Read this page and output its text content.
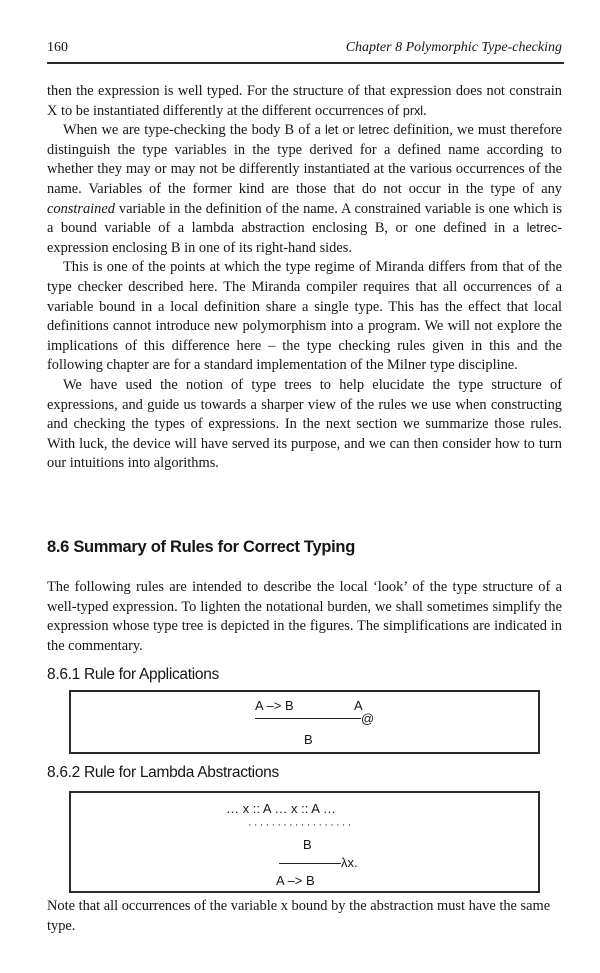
160	Chapter 8 Polymorphic Type-checking

then the expression is well typed. For the structure of that expression does not constrain X to be instantiated differently at the different occurrences of prxl.

When we are type-checking the body B of a let or letrec definition, we must therefore distinguish the type variables in the type derived for a defined name according to whether they may or may not be differently instantiated at the various occurrences of the name. Variables of the former kind are those that do not occur in the type of any constrained variable in the definition of the name. A constrained variable is one which is a bound variable of a lambda abstraction enclosing B, or one defined in a letrec-expression enclosing B in one of its right-hand sides.

This is one of the points at which the type regime of Miranda differs from that of the type checker described here. The Miranda compiler requires that all occurrences of a variable bound in a local definition share a single type. This has the effect that local definitions cannot introduce new polymorphism into a program. We will not explore the implications of this difference here – the type checking rules given in this and the following chapter are for a standard implementation of the Milner type discipline.

We have used the notion of type trees to help elucidate the type structure of expressions, and guide us towards a sharper view of the rules we use when constructing and checking the types of expressions. In the next section we summarize those rules. With luck, the device will have served its purpose, and we can then consider how to turn our intuitions into algorithms.

8.6 Summary of Rules for Correct Typing

The following rules are intended to describe the local ‘look’ of the type structure of a well-typed expression. To lighten the notational burden, we shall sometimes simplify the expression whose type tree is depicted in the figures. The simplifications are indicated in the commentary.

8.6.1 Rule for Applications
A –> B	A
@
B
8.6.2 Rule for Lambda Abstractions
… x :: A … x :: A …
··················
B
λx.
A –> B

Note that all occurrences of the variable x bound by the abstraction must have the same type.
